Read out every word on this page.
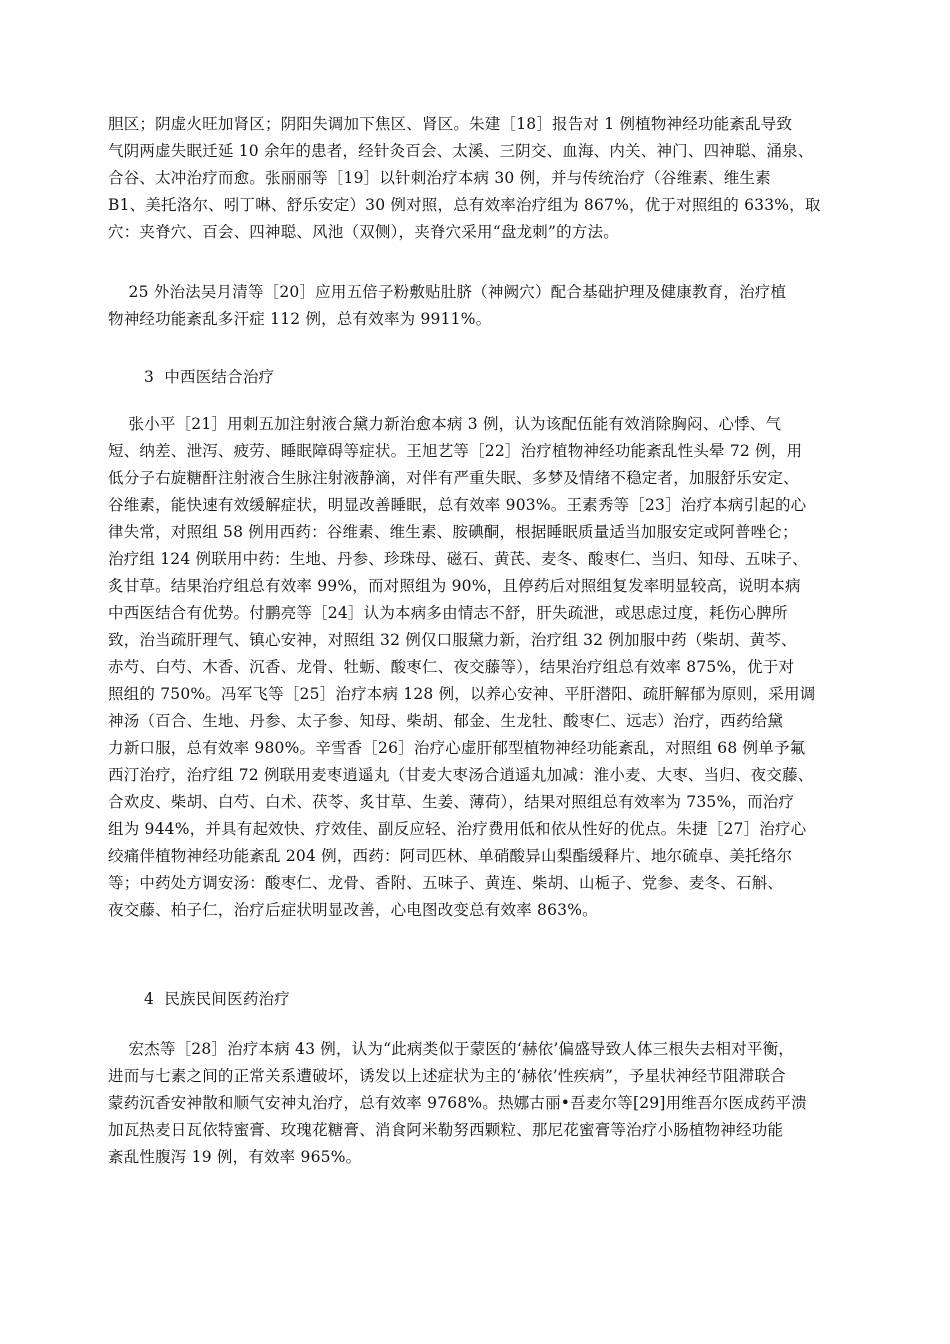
胆区；阴虚火旺加肾区；阴阳失调加下焦区、肾区。朱建［18］报告对 1 例植物神经功能紊乱导致
气阴两虚失眠迁延 10 余年的患者，经针灸百会、太溪、三阴交、血海、内关、神门、四神聪、涌泉、
合谷、太冲治疗而愈。张丽丽等［19］以针刺治疗本病 30 例，并与传统治疗（谷维素、维生素
B1、美托洛尔、吲丁啉、舒乐安定）30 例对照，总有效率治疗组为 867%，优于对照组的 633%，取
穴：夹脊穴、百会、四神聪、风池（双侧），夹脊穴采用“盘龙刺”的方法。
25 外治法吴月清等［20］应用五倍子粉敷贴肚脐（神阙穴）配合基础护理及健康教育，治疗植
物神经功能紊乱多汗症 112 例，总有效率为 9911%。
3  中西医结合治疗
张小平［21］用刺五加注射液合黛力新治愈本病 3 例，认为该配伍能有效消除胸闷、心悸、气
短、纳差、泄泻、疲劳、睡眠障碍等症状。王旭艺等［22］治疗植物神经功能紊乱性头晕 72 例，用
低分子右旋糖酐注射液合生脉注射液静滴，对伴有严重失眠、多梦及情绪不稳定者，加服舒乐安定、
谷维素，能快速有效缓解症状，明显改善睡眠，总有效率 903%。王素秀等［23］治疗本病引起的心
律失常，对照组 58 例用西药：谷维素、维生素、胺碘酮，根据睡眠质量适当加服安定或阿普唑仑；
治疗组 124 例联用中药：生地、丹参、珍珠母、磁石、黄芪、麦冬、酸枣仁、当归、知母、五味子、
炙甘草。结果治疗组总有效率 99%，而对照组为 90%，且停药后对照组复发率明显较高，说明本病
中西医结合有优势。付鹏亮等［24］认为本病多由情志不舒，肝失疏泄，或思虑过度，耗伤心脾所
致，治当疏肝理气、镇心安神，对照组 32 例仅口服黛力新，治疗组 32 例加服中药（柴胡、黄芩、
赤芍、白芍、木香、沉香、龙骨、牡蛎、酸枣仁、夜交藤等），结果治疗组总有效率 875%，优于对
照组的 750%。冯军飞等［25］治疗本病 128 例，以养心安神、平肝潜阳、疏肝解郁为原则，采用调
神汤（百合、生地、丹参、太子参、知母、柴胡、郁金、生龙牡、酸枣仁、远志）治疗，西药给黛
力新口服，总有效率 980%。辛雪香［26］治疗心虚肝郁型植物神经功能紊乱，对照组 68 例单予氟
西汀治疗，治疗组 72 例联用麦枣逍遥丸（甘麦大枣汤合逍遥丸加减：淮小麦、大枣、当归、夜交藤、
合欢皮、柴胡、白芍、白术、茯苓、炙甘草、生姜、薄荷），结果对照组总有效率为 735%，而治疗
组为 944%，并具有起效快、疗效佳、副反应轻、治疗费用低和依从性好的优点。朱捷［27］治疗心
绞痛伴植物神经功能紊乱 204 例，西药：阿司匹林、单硝酸异山梨酯缓释片、地尔硫卓、美托络尔
等；中药处方调安汤：酸枣仁、龙骨、香附、五味子、黄连、柴胡、山栀子、党参、麦冬、石斛、
夜交藤、柏子仁，治疗后症状明显改善，心电图改变总有效率 863%。
4  民族民间医药治疗
宏杰等［28］治疗本病 43 例，认为“此病类似于蒙医的‘赫依’偏盛导致人体三根失去相对平衡，
进而与七素之间的正常关系遭破坏，诱发以上述症状为主的‘赫依’性疾病”，予星状神经节阻滞联合
蒙药沉香安神散和顺气安神丸治疗，总有效率 9768%。热娜古丽•吾麦尔等[29]用维吾尔医成药平溃
加瓦热麦日瓦依特蜜膏、玫瑰花糖膏、消食阿米勒努西颗粒、那尼花蜜膏等治疗小肠植物神经功能
紊乱性腹泻 19 例，有效率 965%。
